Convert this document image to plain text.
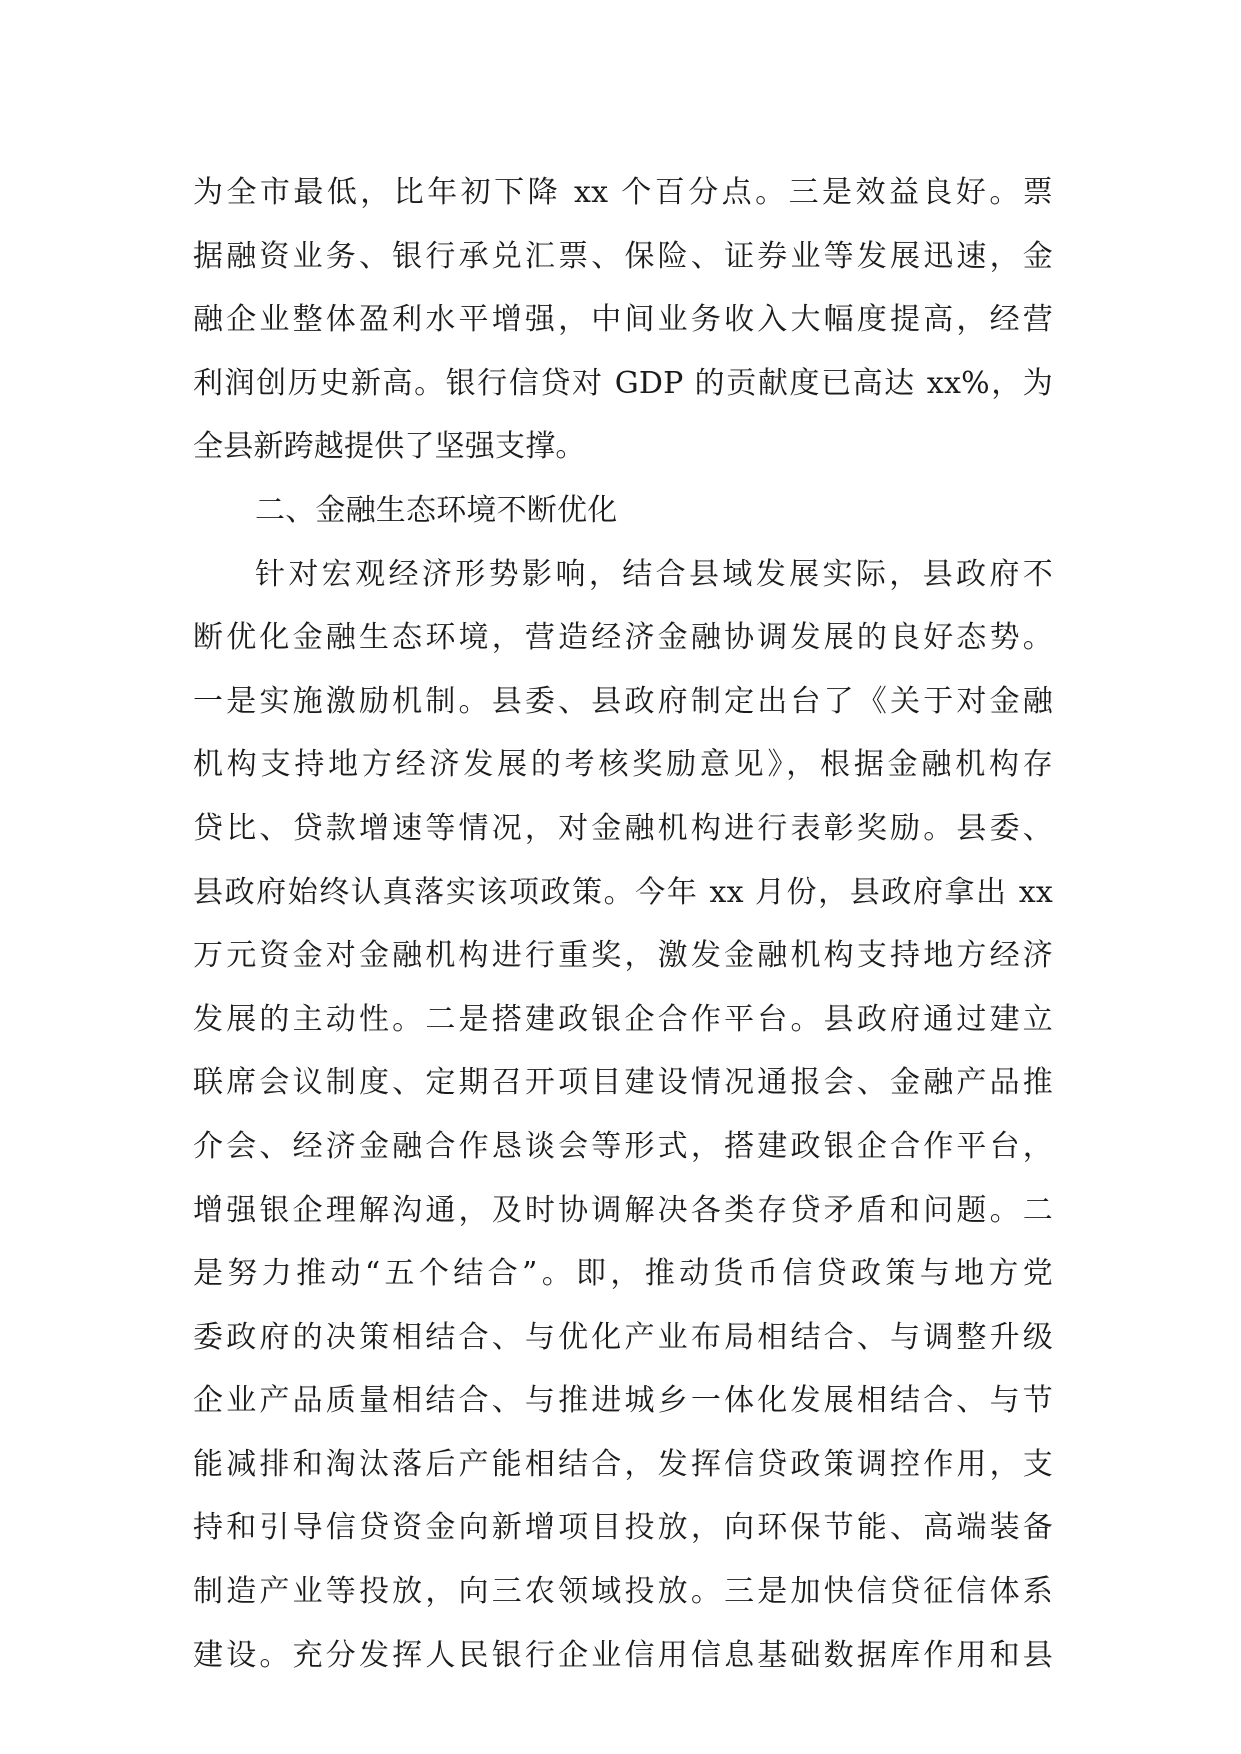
为全市最低，比年初下降 xx 个百分点。三是效益良好。票
据融资业务、银行承兑汇票、保险、证券业等发展迅速，金
融企业整体盈利水平增强，中间业务收入大幅度提高，经营
利润创历史新高。银行信贷对 GDP 的贡献度已高达 xx%，为
全县新跨越提供了坚强支撑。
二、金融生态环境不断优化
针对宏观经济形势影响，结合县域发展实际，县政府不
断优化金融生态环境，营造经济金融协调发展的良好态势。
一是实施激励机制。县委、县政府制定出台了《关于对金融
机构支持地方经济发展的考核奖励意见》，根据金融机构存
贷比、贷款增速等情况，对金融机构进行表彰奖励。县委、
县政府始终认真落实该项政策。今年 xx 月份，县政府拿出 xx
万元资金对金融机构进行重奖，激发金融机构支持地方经济
发展的主动性。二是搭建政银企合作平台。县政府通过建立
联席会议制度、定期召开项目建设情况通报会、金融产品推
介会、经济金融合作恳谈会等形式，搭建政银企合作平台，
增强银企理解沟通，及时协调解决各类存贷矛盾和问题。二
是努力推动“五个结合”。即，推动货币信贷政策与地方党
委政府的决策相结合、与优化产业布局相结合、与调整升级
企业产品质量相结合、与推进城乡一体化发展相结合、与节
能减排和淘汰落后产能相结合，发挥信贷政策调控作用，支
持和引导信贷资金向新增项目投放，向环保节能、高端装备
制造产业等投放，向三农领域投放。三是加快信贷征信体系
建设。充分发挥人民银行企业信用信息基础数据库作用和县
